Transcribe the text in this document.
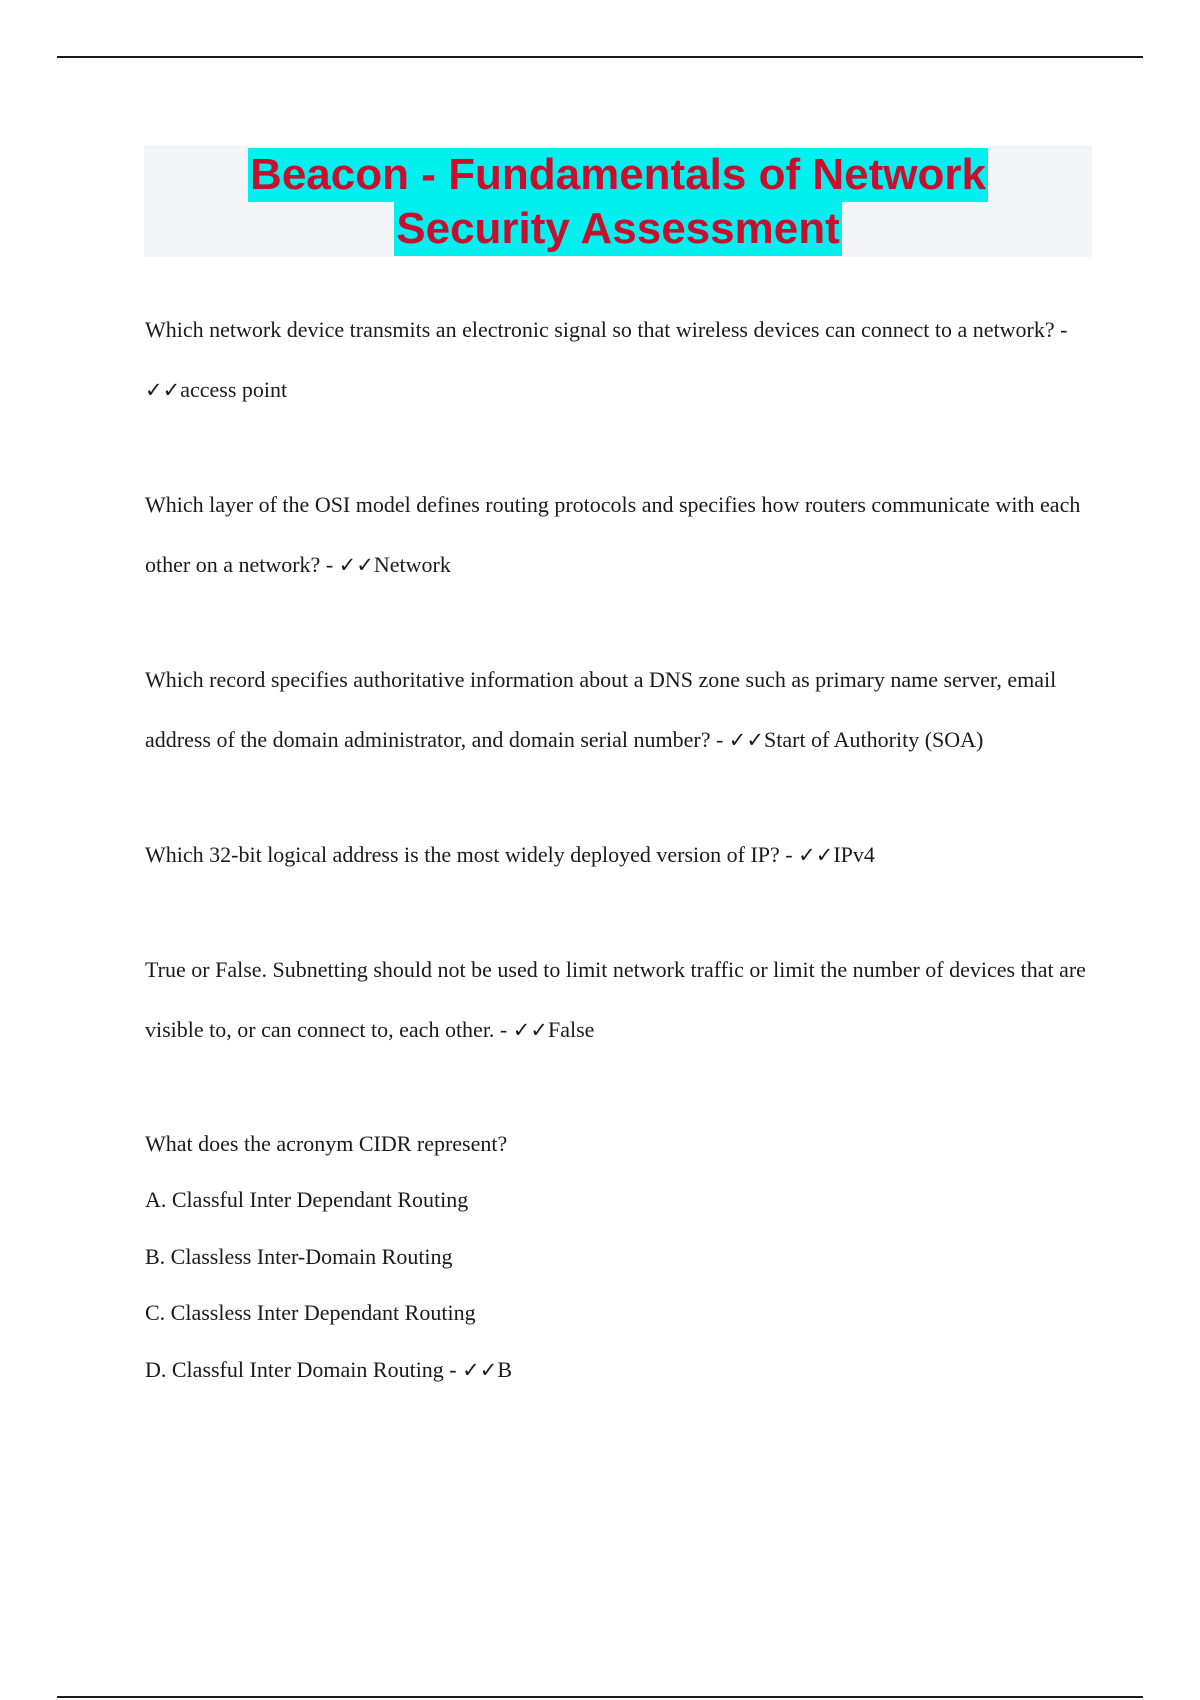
Beacon - Fundamentals of Network
Security Assessment

Which network device transmits an electronic signal so that wireless devices can connect to a network? - ✓✓access point

Which layer of the OSI model defines routing protocols and specifies how routers communicate with each other on a network? - ✓✓Network

Which record specifies authoritative information about a DNS zone such as primary name server, email address of the domain administrator, and domain serial number? - ✓✓Start of Authority (SOA)

Which 32-bit logical address is the most widely deployed version of IP? - ✓✓IPv4

True or False. Subnetting should not be used to limit network traffic or limit the number of devices that are visible to, or can connect to, each other. - ✓✓False

What does the acronym CIDR represent?

A. Classful Inter Dependant Routing

B. Classless Inter-Domain Routing

C. Classless Inter Dependant Routing

D. Classful Inter Domain Routing - ✓✓B
